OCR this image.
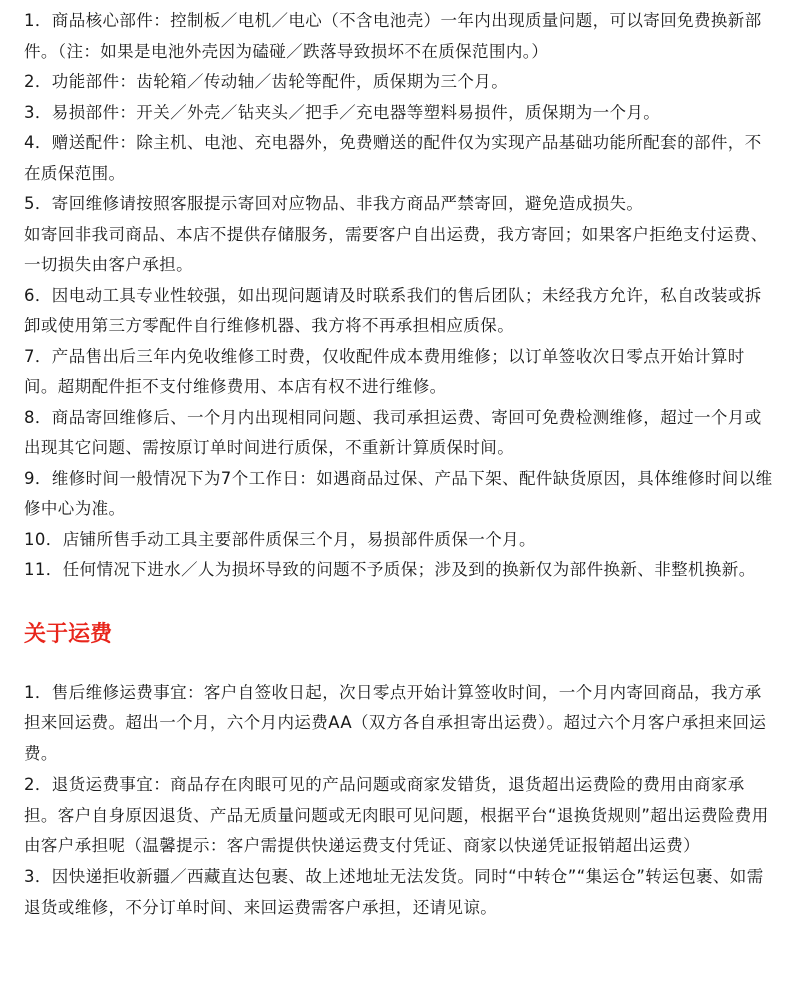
1．商品核心部件：控制板／电机／电心（不含电池壳）一年内出现质量问题，可以寄回免费换新部件。（注：如果是电池外壳因为磕碰／跌落导致损坏不在质保范围内。）

2．功能部件：齿轮箱／传动轴／齿轮等配件，质保期为三个月。

3．易损部件：开关／外壳／钻夹头／把手／充电器等塑料易损件，质保期为一个月。

4．赠送配件：除主机、电池、充电器外，免费赠送的配件仅为实现产品基础功能所配套的部件，不在质保范围。

5．寄回维修请按照客服提示寄回对应物品、非我方商品严禁寄回，避免造成损失。

如寄回非我司商品、本店不提供存储服务，需要客户自出运费，我方寄回；如果客户拒绝支付运费、一切损失由客户承担。

6．因电动工具专业性较强，如出现问题请及时联系我们的售后团队；未经我方允许，私自改装或拆卸或使用第三方零配件自行维修机器、我方将不再承担相应质保。

7．产品售出后三年内免收维修工时费，仅收配件成本费用维修；以订单签收次日零点开始计算时间。超期配件拒不支付维修费用、本店有权不进行维修。

8．商品寄回维修后、一个月内出现相同问题、我司承担运费、寄回可免费检测维修，超过一个月或出现其它问题、需按原订单时间进行质保，不重新计算质保时间。

9．维修时间一般情况下为7个工作日：如遇商品过保、产品下架、配件缺货原因，具体维修时间以维修中心为准。

10．店铺所售手动工具主要部件质保三个月，易损部件质保一个月。

11．任何情况下进水／人为损坏导致的问题不予质保；涉及到的换新仅为部件换新、非整机换新。

关于运费

1．售后维修运费事宜：客户自签收日起，次日零点开始计算签收时间，一个月内寄回商品，我方承担来回运费。超出一个月，六个月内运费AA（双方各自承担寄出运费）。超过六个月客户承担来回运费。

2．退货运费事宜：商品存在肉眼可见的产品问题或商家发错货，退货超出运费险的费用由商家承担。客户自身原因退货、产品无质量问题或无肉眼可见问题，根据平台“退换货规则”超出运费险费用由客户承担呢（温馨提示：客户需提供快递运费支付凭证、商家以快递凭证报销超出运费）

3．因快递拒收新疆／西藏直达包裹、故上述地址无法发货。同时“中转仓”“集运仓”转运包裹、如需退货或维修，不分订单时间、来回运费需客户承担，还请见谅。
